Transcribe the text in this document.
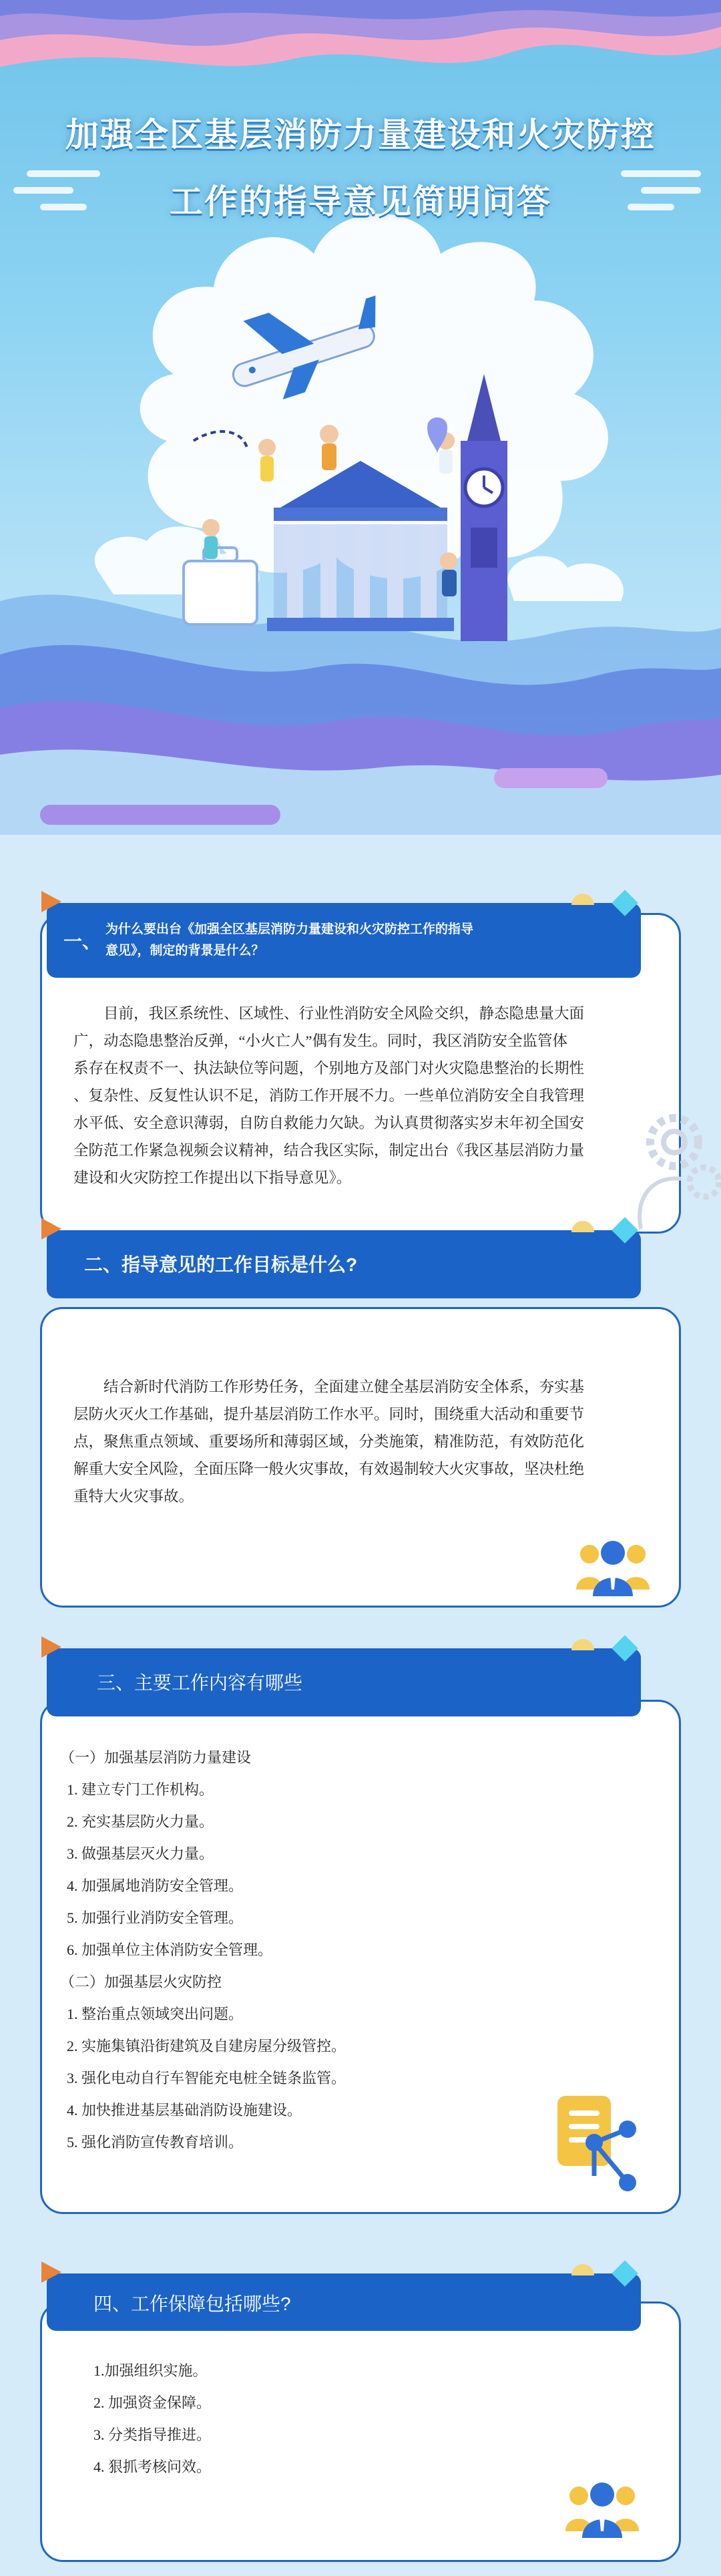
加强全区基层消防力量建设和火灾防控
工作的指导意见简明问答
一、
为什么要出台《加强全区基层消防力量建设和火灾防控工作的指导
意见》，制定的背景是什么？
目前，我区系统性、区域性、行业性消防安全风险交织，静态隐患量大面
广，动态隐患整治反弹，“小火亡人”偶有发生。同时，我区消防安全监管体
系存在权责不一、执法缺位等问题，个别地方及部门对火灾隐患整治的长期性
、复杂性、反复性认识不足，消防工作开展不力。一些单位消防安全自我管理
水平低、安全意识薄弱，自防自救能力欠缺。为认真贯彻落实岁末年初全国安
全防范工作紧急视频会议精神，结合我区实际，制定出台《我区基层消防力量
建设和火灾防控工作提出以下指导意见》。
二、指导意见的工作目标是什么?
结合新时代消防工作形势任务，全面建立健全基层消防安全体系，夯实基
层防火灭火工作基础，提升基层消防工作水平。同时，围绕重大活动和重要节
点，聚焦重点领域、重要场所和薄弱区域，分类施策，精准防范，有效防范化
解重大安全风险，全面压降一般火灾事故，有效遏制较大火灾事故，坚决杜绝
重特大火灾事故。
三、主要工作内容有哪些
（一）加强基层消防力量建设
1. 建立专门工作机构。
2. 充实基层防火力量。
3. 做强基层灭火力量。
4. 加强属地消防安全管理。
5. 加强行业消防安全管理。
6. 加强单位主体消防安全管理。
（二）加强基层火灾防控
1. 整治重点领域突出问题。
2. 实施集镇沿街建筑及自建房屋分级管控。
3. 强化电动自行车智能充电桩全链条监管。
4. 加快推进基层基础消防设施建设。
5. 强化消防宣传教育培训。
四、工作保障包括哪些?
1.加强组织实施。
2. 加强资金保障。
3. 分类指导推进。
4. 狠抓考核问效。
